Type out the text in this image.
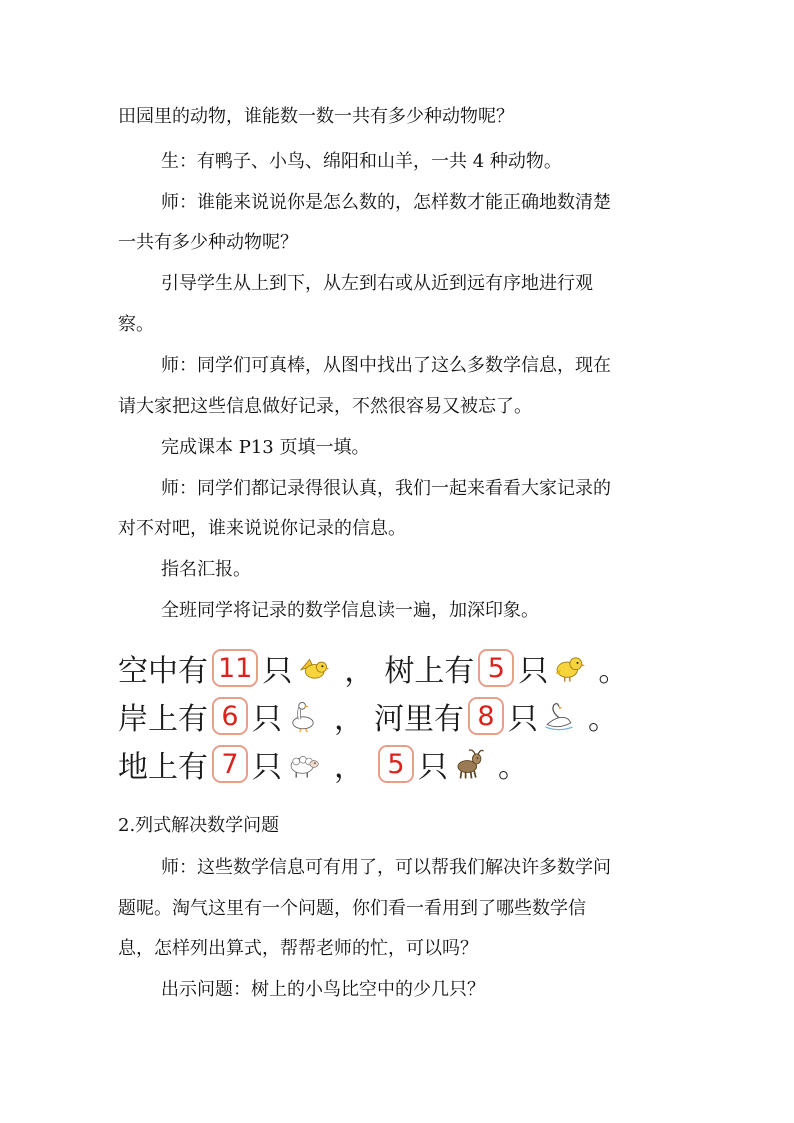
田园里的动物，谁能数一数一共有多少种动物呢？

生：有鸭子、小鸟、绵阳和山羊，一共 4 种动物。

师：谁能来说说你是怎么数的，怎样数才能正确地数清楚

一共有多少种动物呢？

引导学生从上到下，从左到右或从近到远有序地进行观

察。

师：同学们可真棒，从图中找出了这么多数学信息，现在

请大家把这些信息做好记录，不然很容易又被忘了。

完成课本 P13 页填一填。

师：同学们都记录得很认真，我们一起来看看大家记录的

对不对吧，谁来说说你记录的信息。

指名汇报。

全班同学将记录的数学信息读一遍，加深印象。

空中有 11 只 ， 树上有 5 只 。
岸上有 6 只 ， 河里有 8 只 。
地上有 7 只 ， 5 只 。

2.列式解决数学问题

师：这些数学信息可有用了，可以帮我们解决许多数学问

题呢。淘气这里有一个问题，你们看一看用到了哪些数学信

息，怎样列出算式，帮帮老师的忙，可以吗？

出示问题：树上的小鸟比空中的少几只？
